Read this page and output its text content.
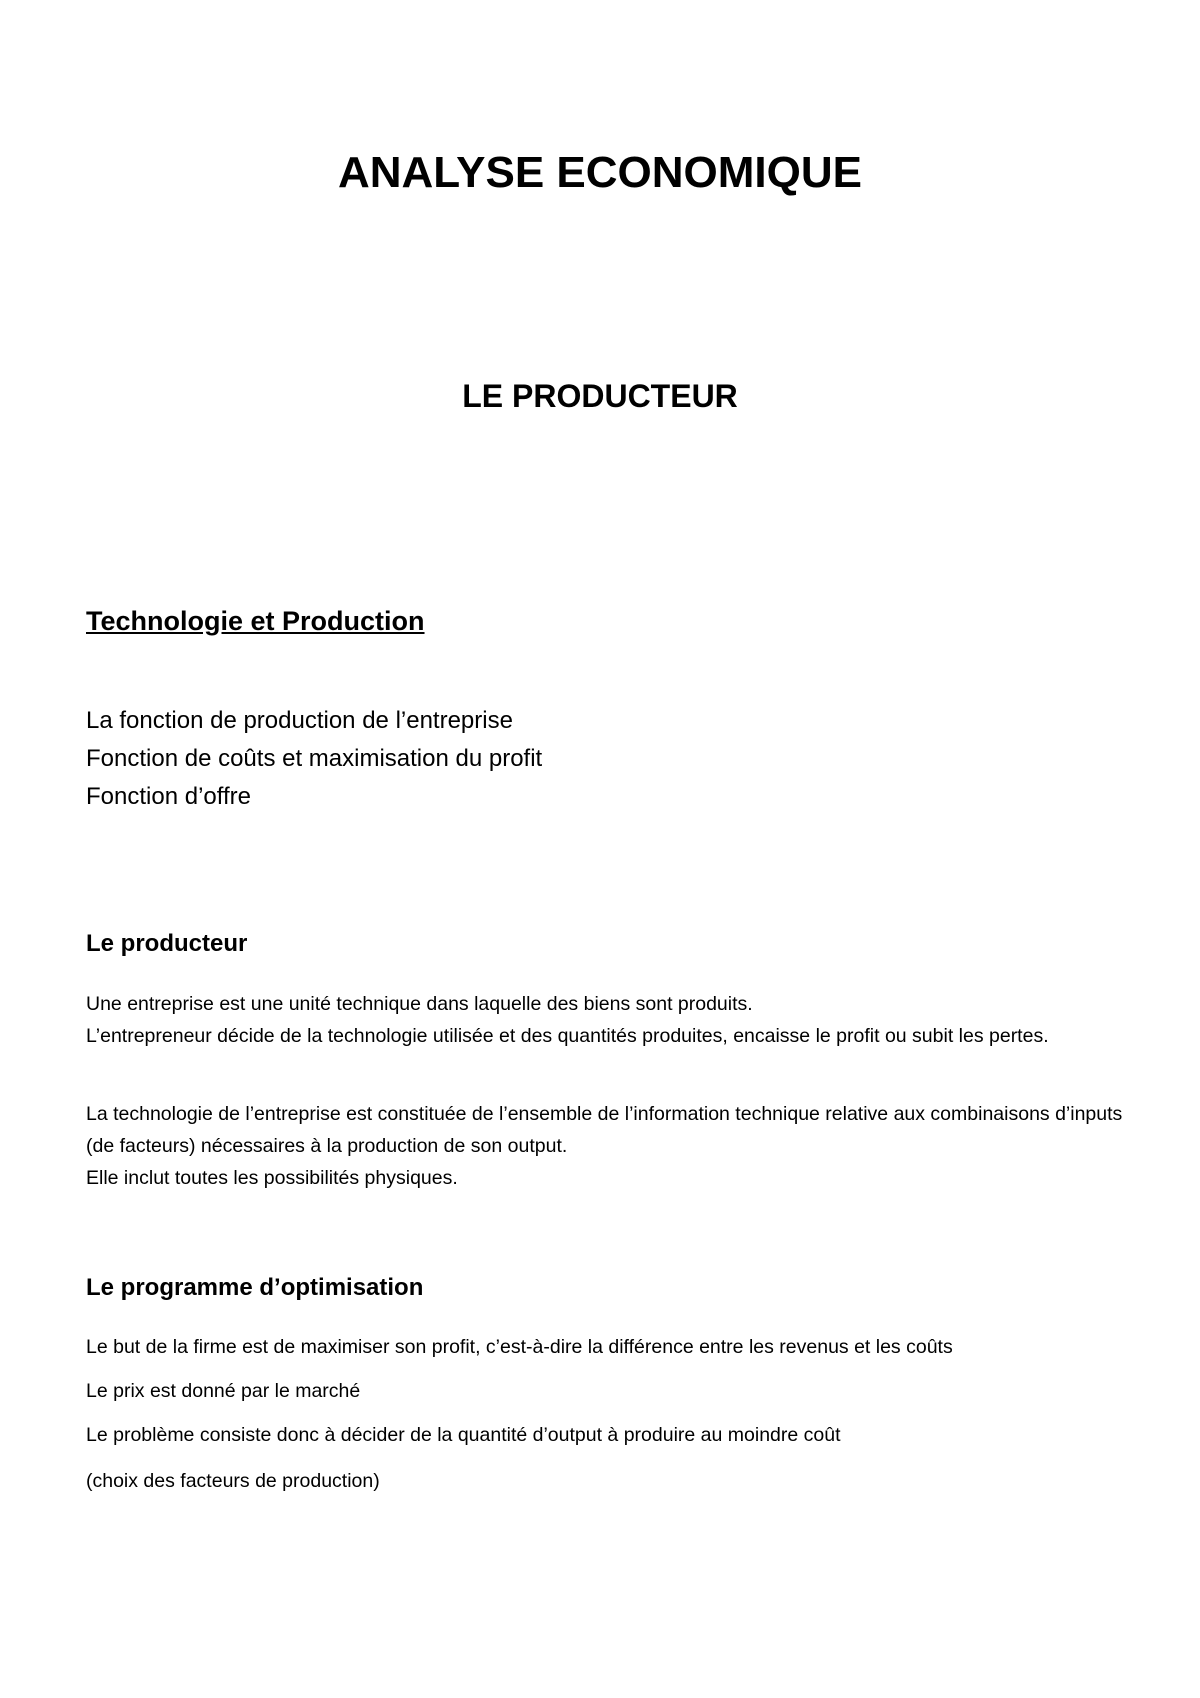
ANALYSE ECONOMIQUE
LE PRODUCTEUR
Technologie et Production
La fonction de production de l’entreprise
Fonction de coûts et maximisation du profit
Fonction d’offre
Le producteur

Une entreprise est une unité technique dans laquelle des biens sont produits.
L’entrepreneur décide de la technologie utilisée et des quantités produites, encaisse le profit ou subit les pertes.

La technologie de l’entreprise est constituée de l’ensemble de l’information technique relative aux combinaisons d’inputs (de facteurs) nécessaires à la production de son output.
Elle inclut toutes les possibilités physiques.

Le programme d’optimisation

Le but de la firme est de maximiser son profit, c’est-à-dire la différence entre les revenus et les coûts

Le prix est donné par le marché

Le problème consiste donc à décider de la quantité d’output à produire au moindre coût

(choix des facteurs de production)
